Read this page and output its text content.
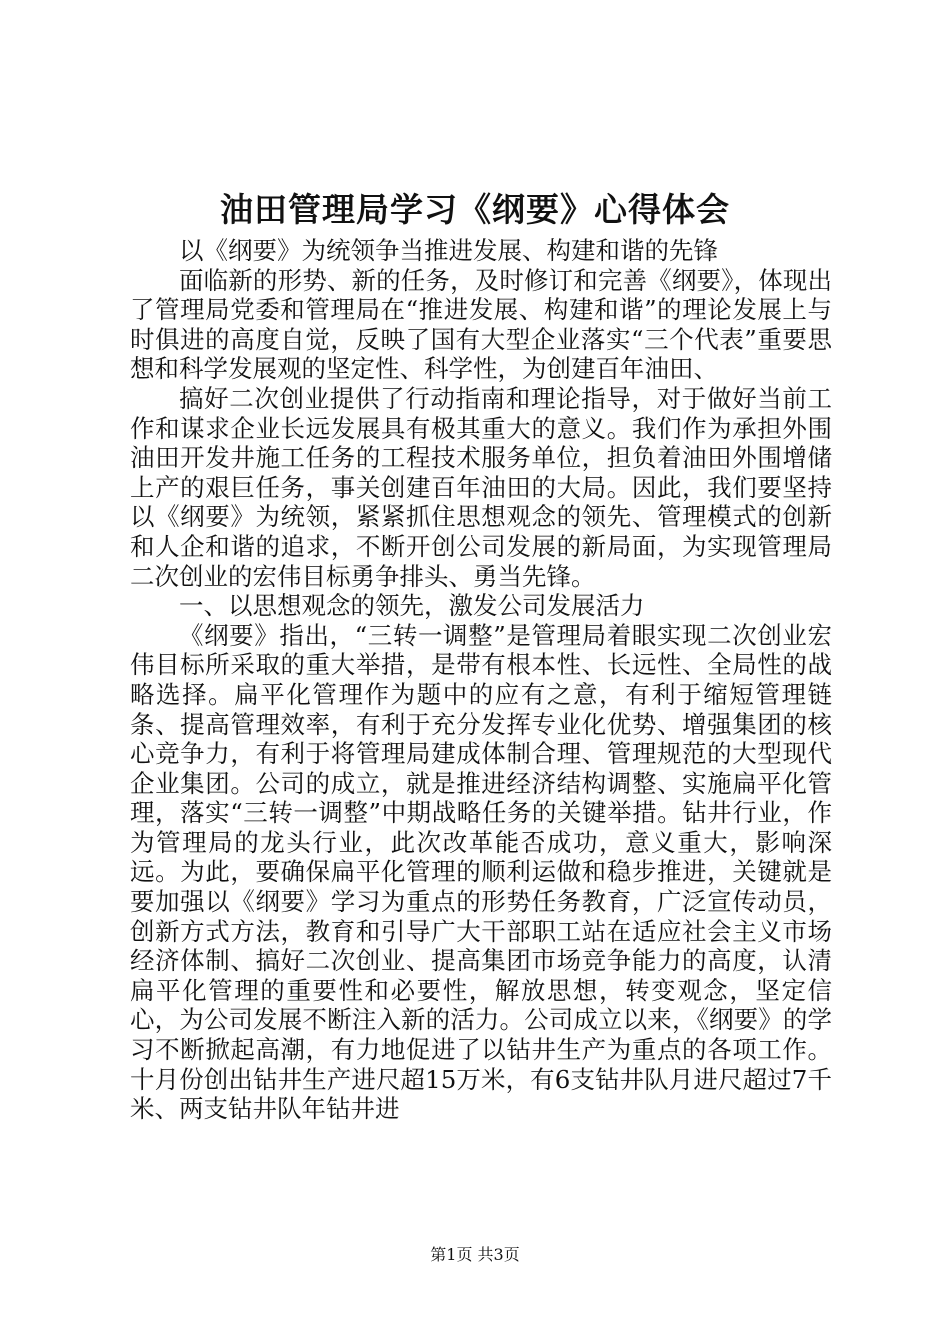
油田管理局学习《纲要》心得体会

以《纲要》为统领争当推进发展、构建和谐的先锋

面临新的形势、新的任务，及时修订和完善《纲要》，体现出了管理局党委和管理局在“推进发展、构建和谐”的理论发展上与时俱进的高度自觉，反映了国有大型企业落实“三个代表”重要思想和科学发展观的坚定性、科学性，为创建百年油田、

搞好二次创业提供了行动指南和理论指导，对于做好当前工作和谋求企业长远发展具有极其重大的意义。我们作为承担外围油田开发井施工任务的工程技术服务单位，担负着油田外围增储上产的艰巨任务，事关创建百年油田的大局。因此，我们要坚持以《纲要》为统领，紧紧抓住思想观念的领先、管理模式的创新和人企和谐的追求，不断开创公司发展的新局面，为实现管理局二次创业的宏伟目标勇争排头、勇当先锋。

一、以思想观念的领先，激发公司发展活力

《纲要》指出，“三转一调整”是管理局着眼实现二次创业宏伟目标所采取的重大举措，是带有根本性、长远性、全局性的战略选择。扁平化管理作为题中的应有之意，有利于缩短管理链条、提高管理效率，有利于充分发挥专业化优势、增强集团的核心竞争力，有利于将管理局建成体制合理、管理规范的大型现代企业集团。公司的成立，就是推进经济结构调整、实施扁平化管理，落实“三转一调整”中期战略任务的关键举措。钻井行业，作为管理局的龙头行业，此次改革能否成功，意义重大，影响深远。为此，要确保扁平化管理的顺利运做和稳步推进，关键就是要加强以《纲要》学习为重点的形势任务教育，广泛宣传动员，创新方式方法，教育和引导广大干部职工站在适应社会主义市场经济体制、搞好二次创业、提高集团市场竞争能力的高度，认清扁平化管理的重要性和必要性，解放思想，转变观念，坚定信心，为公司发展不断注入新的活力。公司成立以来，《纲要》的学习不断掀起高潮，有力地促进了以钻井生产为重点的各项工作。十月份创出钻井生产进尺超15万米，有6支钻井队月进尺超过7千米、两支钻井队年钻井进

第1页 共3页
